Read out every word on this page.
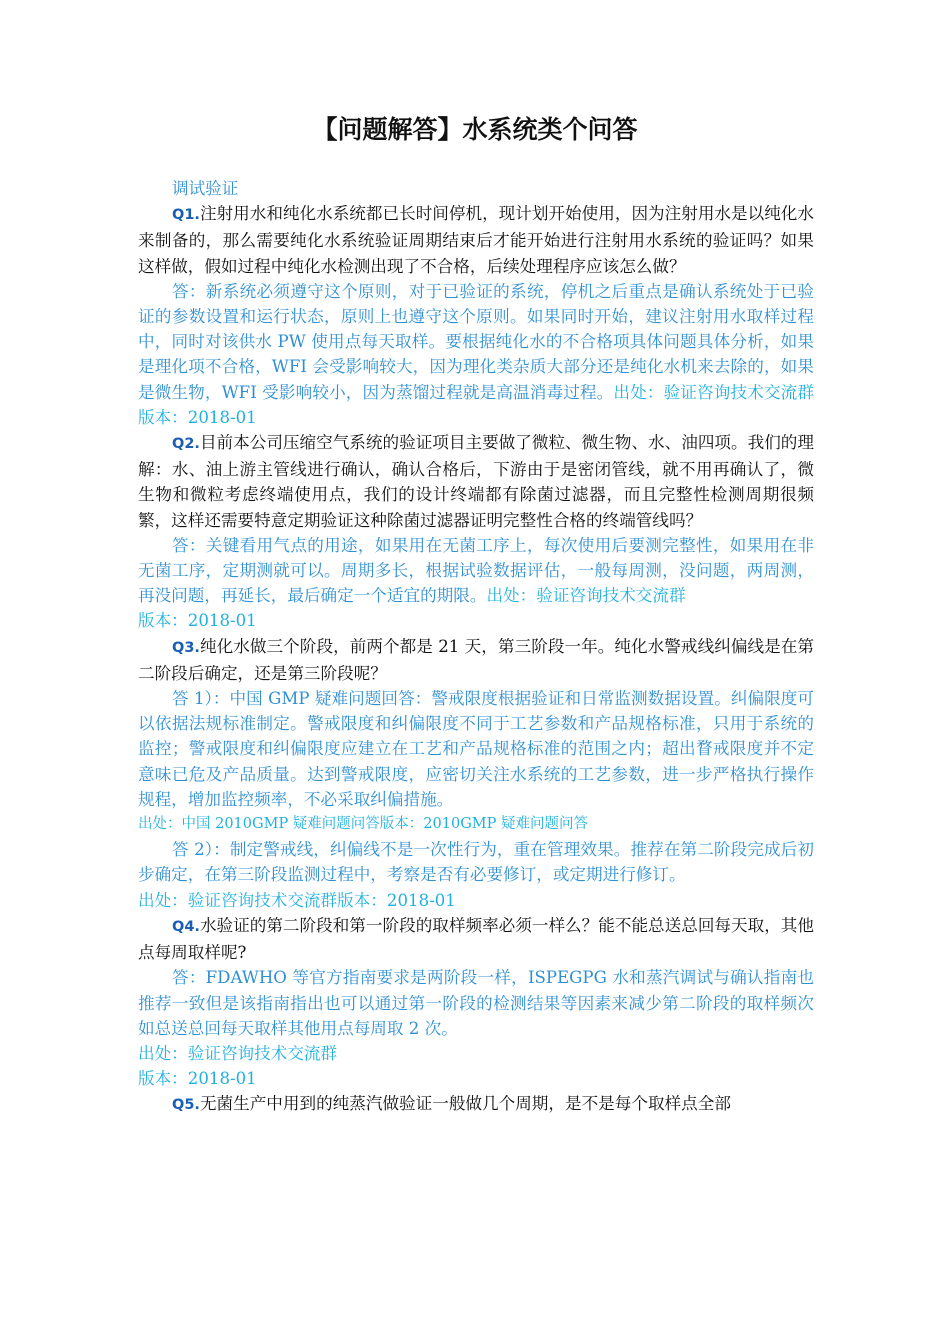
【问题解答】水系统类个问答

调试验证

Q1.注射用水和纯化水系统都已长时间停机，现计划开始使用，因为注射用水是以纯化水来制备的，那么需要纯化水系统验证周期结束后才能开始进行注射用水系统的验证吗？如果这样做，假如过程中纯化水检测出现了不合格，后续处理程序应该怎么做？

答：新系统必须遵守这个原则，对于已验证的系统，停机之后重点是确认系统处于已验证的参数设置和运行状态，原则上也遵守这个原则。如果同时开始，建议注射用水取样过程中，同时对该供水 PW 使用点每天取样。要根据纯化水的不合格项具体问题具体分析，如果是理化项不合格，WFI 会受影响较大，因为理化类杂质大部分还是纯化水机来去除的，如果是微生物，WFI 受影响较小，因为蒸馏过程就是高温消毒过程。出处：验证咨询技术交流群版本：2018-01

Q2.目前本公司压缩空气系统的验证项目主要做了微粒、微生物、水、油四项。我们的理解：水、油上游主管线进行确认，确认合格后，下游由于是密闭管线，就不用再确认了，微生物和微粒考虑终端使用点，我们的设计终端都有除菌过滤器，而且完整性检测周期很频繁，这样还需要特意定期验证这种除菌过滤器证明完整性合格的终端管线吗？

答：关键看用气点的用途，如果用在无菌工序上，每次使用后要测完整性，如果用在非无菌工序，定期测就可以。周期多长，根据试验数据评估，一般每周测，没问题，两周测，再没问题，再延长，最后确定一个适宜的期限。出处：验证咨询技术交流群

版本：2018-01

Q3.纯化水做三个阶段，前两个都是 21 天，第三阶段一年。纯化水警戒线纠偏线是在第二阶段后确定，还是第三阶段呢？

答 1）：中国 GMP 疑难问题回答：警戒限度根据验证和日常监测数据设置。纠偏限度可以依据法规标准制定。警戒限度和纠偏限度不同于工艺参数和产品规格标准，只用于系统的监控；警戒限度和纠偏限度应建立在工艺和产品规格标准的范围之内；超出瞀戒限度并不定意味已危及产品质量。达到警戒限度，应密切关注水系统的工艺参数，进一步严格执行操作规程，增加监控频率，不必采取纠偏措施。

出处：中国 2010GMP 疑难问题问答版本：2010GMP 疑难问题问答

答 2）：制定警戒线，纠偏线不是一次性行为，重在管理效果。推荐在第二阶段完成后初步确定，在第三阶段监测过程中，考察是否有必要修订，或定期进行修订。

出处：验证咨询技术交流群版本：2018-01

Q4.水验证的第二阶段和第一阶段的取样频率必须一样么？能不能总送总回每天取，其他点每周取样呢?

答：FDAWHO 等官方指南要求是两阶段一样，ISPEGPG 水和蒸汽调试与确认指南也推荐一致但是该指南指出也可以通过第一阶段的检测结果等因素来减少第二阶段的取样频次如总送总回每天取样其他用点每周取 2 次。

出处：验证咨询技术交流群

版本：2018-01

Q5.无菌生产中用到的纯蒸汽做验证一般做几个周期，是不是每个取样点全部
